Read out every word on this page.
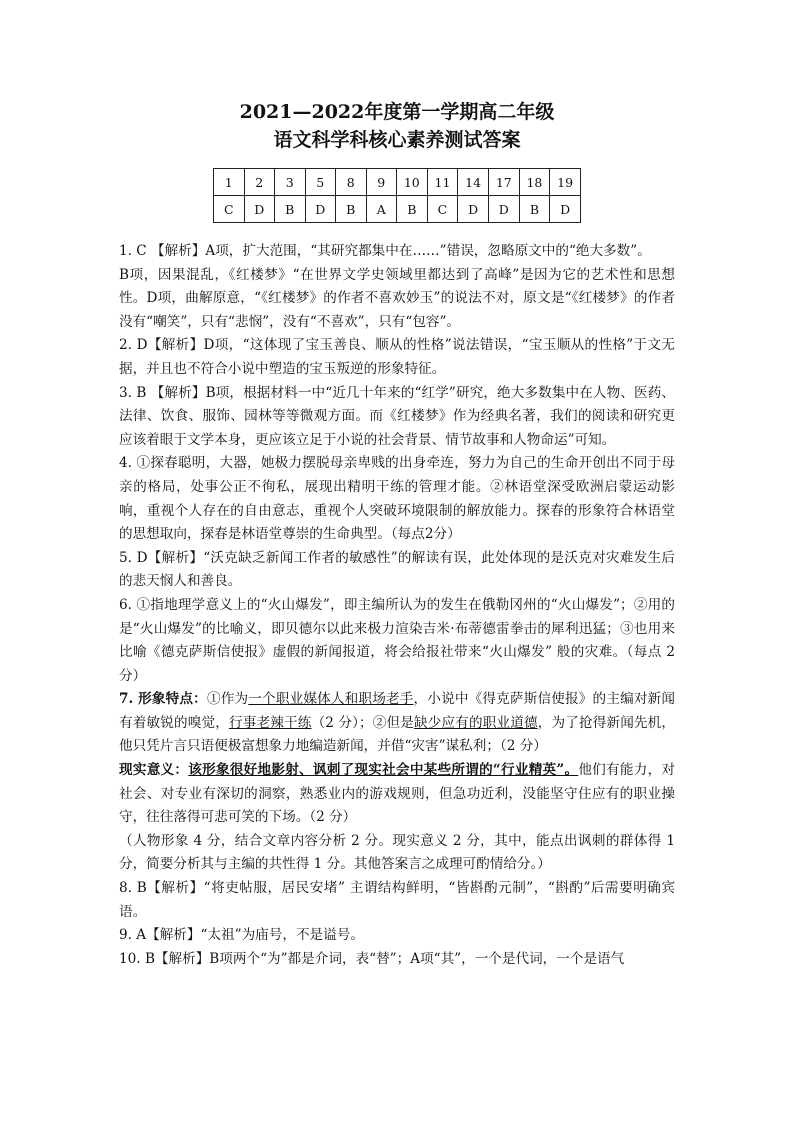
2021—2022年度第一学期高二年级
语文科学科核心素养测试答案
1	2	3	5	8	9	10	11	14	17	18	19
C	D	B	D	B	A	B	C	D	D	B	D

1. C 【解析】A项，扩大范围，“其研究都集中在……”错误，忽略原文中的“绝大多数”。

B项，因果混乱，《红楼梦》“在世界文学史领域里都达到了高峰”是因为它的艺术性和思想性。D项，曲解原意，“《红楼梦》的作者不喜欢妙玉”的说法不对，原文是“《红楼梦》的作者没有“嘲笑”，只有“悲悯”，没有“不喜欢”，只有“包容”。

2. D【解析】D项，“这体现了宝玉善良、顺从的性格”说法错误，“宝玉顺从的性格”于文无据，并且也不符合小说中塑造的宝玉叛逆的形象特征。

3. B 【解析】B项，根据材料一中“近几十年来的“红学”研究，绝大多数集中在人物、医药、法律、饮食、服饰、园林等等微观方面。而《红楼梦》作为经典名著，我们的阅读和研究更应该着眼于文学本身，更应该立足于小说的社会背景、情节故事和人物命运”可知。

4. ①探春聪明，大器，她极力摆脱母亲卑贱的出身牵连，努力为自己的生命开创出不同于母亲的格局，处事公正不徇私，展现出精明干练的管理才能。②林语堂深受欧洲启蒙运动影响，重视个人存在的自由意志，重视个人突破环境限制的解放能力。探春的形象符合林语堂的思想取向，探春是林语堂尊崇的生命典型。（每点2分）

5. D【解析】“沃克缺乏新闻工作者的敏感性”的解读有误，此处体现的是沃克对灾难发生后的悲天悯人和善良。

6. ①指地理学意义上的“火山爆发”，即主编所认为的发生在俄勒冈州的“火山爆发”；②用的是“火山爆发”的比喻义，即贝德尔以此来极力渲染吉米·布蒂德雷拳击的犀利迅猛；③也用来比喻《德克萨斯信使报》虚假的新闻报道，将会给报社带来“火山爆发” 般的灾难。（每点 2 分）

7. 形象特点：①作为一个职业媒体人和职场老手，小说中《得克萨斯信使报》的主编对新闻有着敏锐的嗅觉，行事老辣干练（2 分）；②但是缺少应有的职业道德，为了抢得新闻先机，他只凭片言只语便极富想象力地编造新闻，并借“灾害”谋私利；（2 分）

现实意义：该形象很好地影射、讽刺了现实社会中某些所谓的“行业精英”。他们有能力，对社会、对专业有深切的洞察，熟悉业内的游戏规则，但急功近利，没能坚守住应有的职业操守，往往落得可悲可笑的下场。（2 分）

（人物形象 4 分，结合文章内容分析 2 分。现实意义 2 分，其中，能点出讽刺的群体得 1 分，简要分析其与主编的共性得 1 分。其他答案言之成理可酌情给分。）

8. B【解析】“将吏帖服，居民安堵” 主谓结构鲜明，“皆斟酌元制”，“斟酌”后需要明确宾语。

9. A【解析】“太祖”为庙号，不是谥号。

10. B【解析】B项两个“为”都是介词，表“替”；A项“其”，一个是代词，一个是语气
